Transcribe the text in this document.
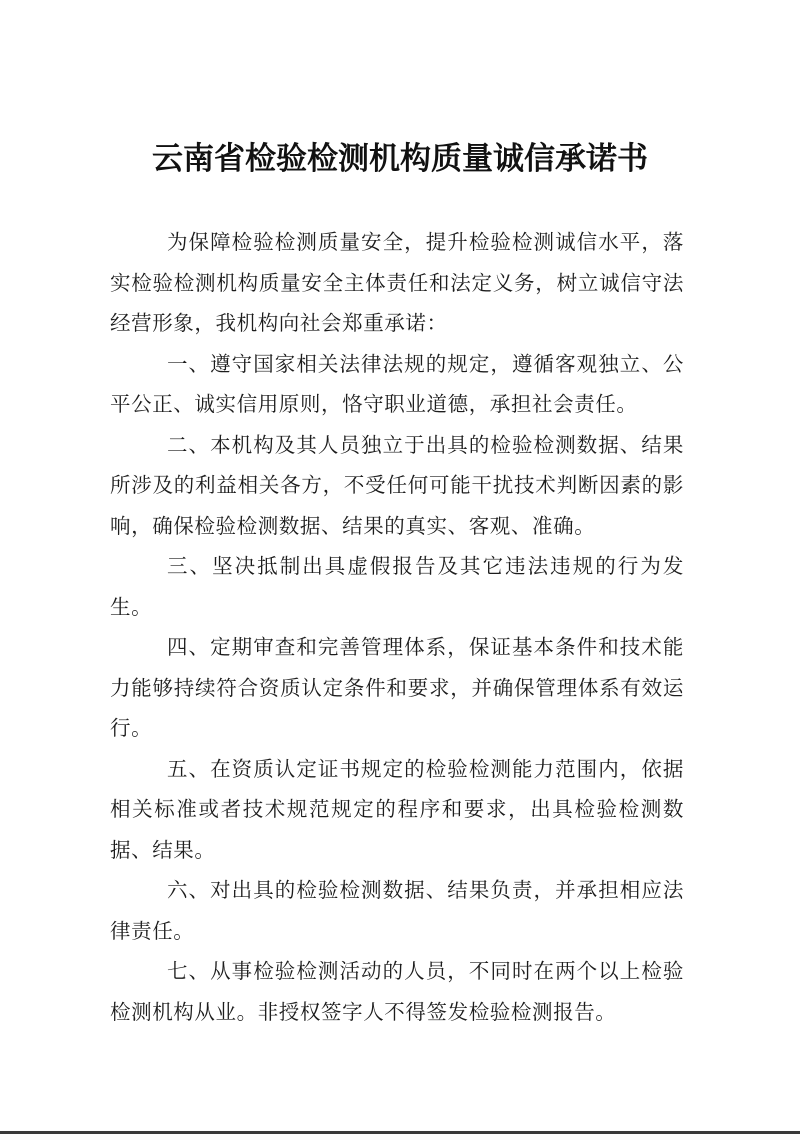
云南省检验检测机构质量诚信承诺书

为保障检验检测质量安全，提升检验检测诚信水平，落实检验检测机构质量安全主体责任和法定义务，树立诚信守法经营形象，我机构向社会郑重承诺：

一、遵守国家相关法律法规的规定，遵循客观独立、公平公正、诚实信用原则，恪守职业道德，承担社会责任。

二、本机构及其人员独立于出具的检验检测数据、结果所涉及的利益相关各方，不受任何可能干扰技术判断因素的影响，确保检验检测数据、结果的真实、客观、准确。

三、坚决抵制出具虚假报告及其它违法违规的行为发生。

四、定期审查和完善管理体系，保证基本条件和技术能力能够持续符合资质认定条件和要求，并确保管理体系有效运行。

五、在资质认定证书规定的检验检测能力范围内，依据相关标准或者技术规范规定的程序和要求，出具检验检测数据、结果。

六、对出具的检验检测数据、结果负责，并承担相应法律责任。

七、从事检验检测活动的人员，不同时在两个以上检验检测机构从业。非授权签字人不得签发检验检测报告。
